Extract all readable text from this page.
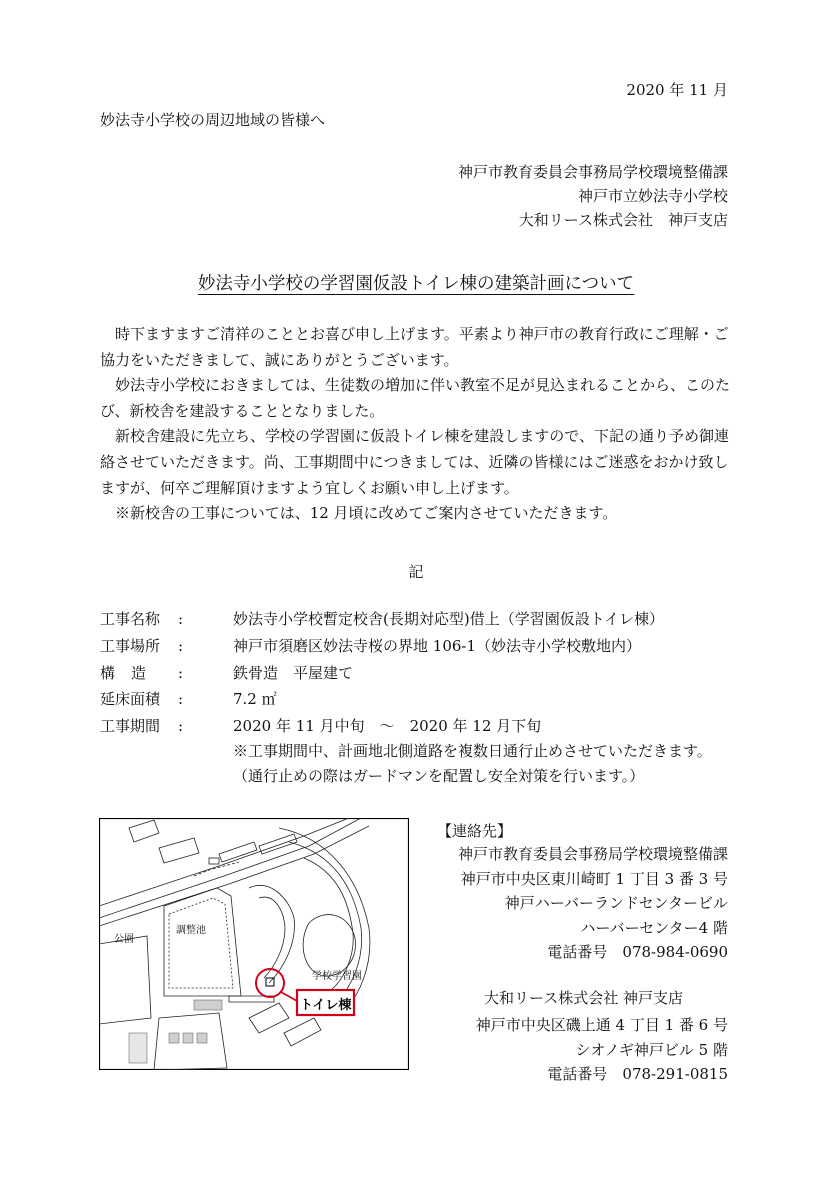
2020 年 11 月
妙法寺小学校の周辺地域の皆様へ
神戸市教育委員会事務局学校環境整備課
神戸市立妙法寺小学校
大和リース株式会社　神戸支店
妙法寺小学校の学習園仮設トイレ棟の建築計画について

時下ますますご清祥のこととお喜び申し上げます。平素より神戸市の教育行政にご理解・ご協力をいただきまして、誠にありがとうございます。

妙法寺小学校におきましては、生徒数の増加に伴い教室不足が見込まれることから、このたび、新校舎を建設することとなりました。

新校舎建設に先立ち、学校の学習園に仮設トイレ棟を建設しますので、下記の通り予め御連絡させていただきます。尚、工事期間中につきましては、近隣の皆様にはご迷惑をおかけ致しますが、何卒ご理解頂けますよう宜しくお願い申し上げます。

※新校舎の工事については、12 月頃に改めてご案内させていただきます。

記
工事名称 :	妙法寺小学校暫定校舎(長期対応型)借上（学習園仮設トイレ棟）
工事場所 :	神戸市須磨区妙法寺桜の界地 106-1（妙法寺小学校敷地内）
構造 :	鉄骨造　平屋建て
延床面積 :	7.2 ㎡
工事期間 :	2020 年 11 月中旬　～　2020 年 12 月下旬
※工事期間中、計画地北側道路を複数日通行止めさせていただきます。
（通行止めの際はガードマンを配置し安全対策を行います。）
公園
調整池
学校学習園
トイレ棟
【連絡先】
神戸市教育委員会事務局学校環境整備課
神戸市中央区東川崎町 1 丁目 3 番 3 号
神戸ハーバーランドセンタービル
ハーバーセンター4 階
電話番号　078-984-0690
大和リース株式会社 神戸支店
神戸市中央区磯上通 4 丁目 1 番 6 号
シオノギ神戸ビル 5 階
電話番号　078-291-0815
